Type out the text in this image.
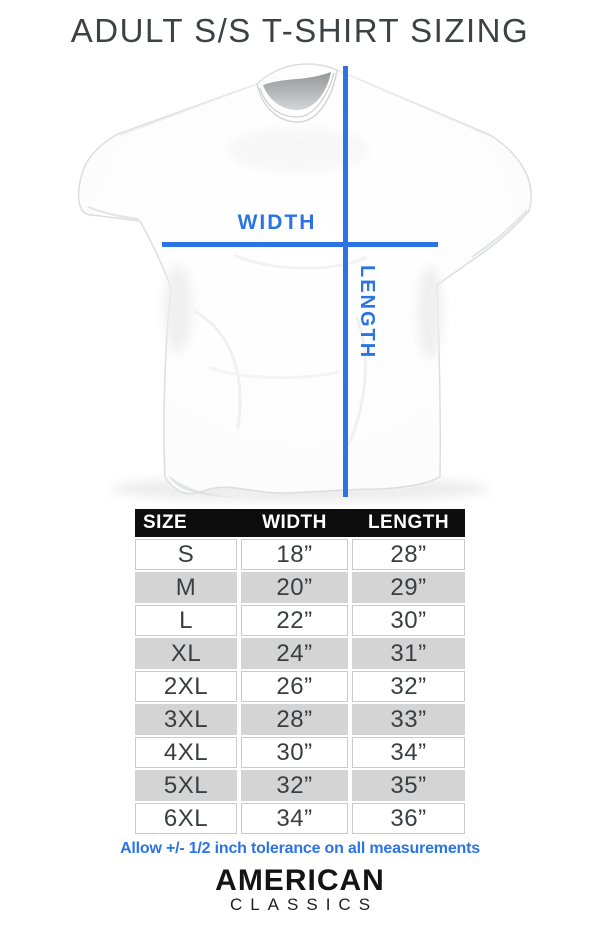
ADULT S/S T-SHIRT SIZING
WIDTH
LENGTH
SIZE	WIDTH	LENGTH
S	18”	28”
M	20”	29”
L	22”	30”
XL	24”	31”
2XL	26”	32”
3XL	28”	33”
4XL	30”	34”
5XL	32”	35”
6XL	34”	36”
Allow +/- 1/2 inch tolerance on all measurements
AMERICAN
CLASSICS
